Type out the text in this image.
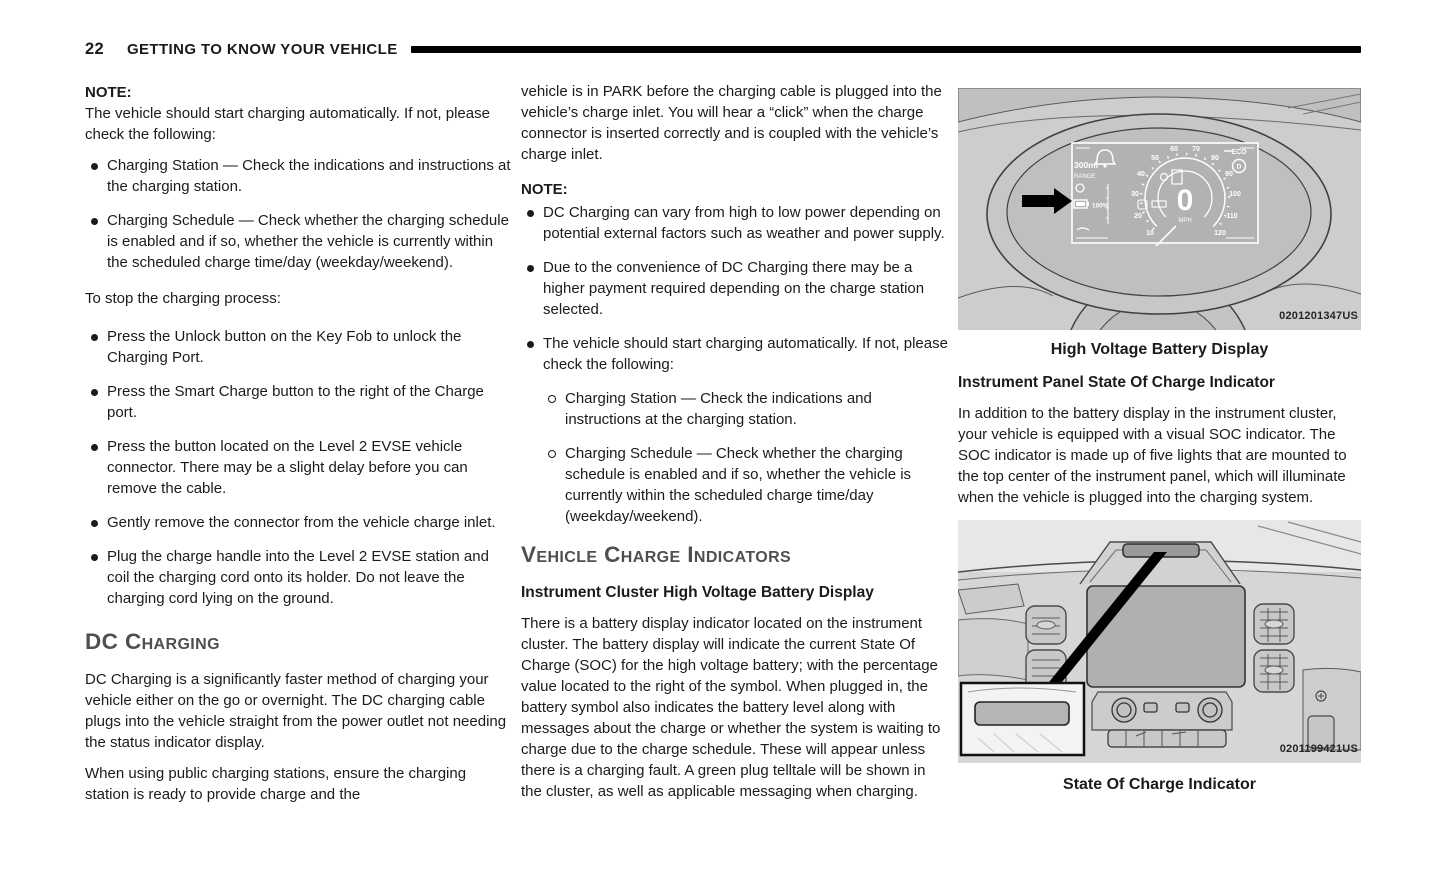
22 GETTING TO KNOW YOUR VEHICLE

NOTE:

The vehicle should start charging automatically. If not, please check the following:

Charging Station — Check the indications and instructions at the charging station.
Charging Schedule — Check whether the charging schedule is enabled and if so, whether the vehicle is currently within the scheduled charge time/day (weekday/weekend).

To stop the charging process:

Press the Unlock button on the Key Fob to unlock the Charging Port.
Press the Smart Charge button to the right of the Charge port.
Press the button located on the Level 2 EVSE vehicle connector. There may be a slight delay before you can remove the cable.
Gently remove the connector from the vehicle charge inlet.
Plug the charge handle into the Level 2 EVSE station and coil the charging cord onto its holder. Do not leave the charging cord lying on the ground.
DC Charging

DC Charging is a significantly faster method of charging your vehicle either on the go or overnight. The DC charging cable plugs into the vehicle straight from the power outlet not needing the status indicator display.

When using public charging stations, ensure the charging station is ready to provide charge and the

vehicle is in PARK before the charging cable is plugged into the vehicle’s charge inlet. You will hear a “click” when the charge connector is inserted correctly and is coupled with the vehicle’s charge inlet.

NOTE:

DC Charging can vary from high to low power depending on potential external factors such as weather and power supply.
Due to the convenience of DC Charging there may be a higher payment required depending on the charge station selected.
The vehicle should start charging automatically. If not, please check the following:
Charging Station — Check the indications and instructions at the charging station.
Charging Schedule — Check whether the charging schedule is enabled and if so, whether the vehicle is currently within the scheduled charge time/day (weekday/weekend).
Vehicle Charge Indicators
Instrument Cluster High Voltage Battery Display

There is a battery display indicator located on the instrument cluster. The battery display will indicate the current State Of Charge (SOC) for the high voltage battery; with the percentage value located to the right of the symbol. When plugged in, the battery symbol also indicates the battery level along with messages about the charge or whether the system is waiting to charge due to the charge schedule. These will appear unless there is a charging fault. A green plug telltale will be shown in the cluster, as well as applicable messaging when charging.

ECO
D
300mi
RANGE
100%
10
20
30
40
50
60 70
80
90
100
110
120
0
MPH
0201201347US
High Voltage Battery Display
Instrument Panel State Of Charge Indicator

In addition to the battery display in the instrument cluster, your vehicle is equipped with a visual SOC indicator. The SOC indicator is made up of five lights that are mounted to the top center of the instrument panel, which will illuminate when the vehicle is plugged into the charging system.

0201199421US
State Of Charge Indicator
